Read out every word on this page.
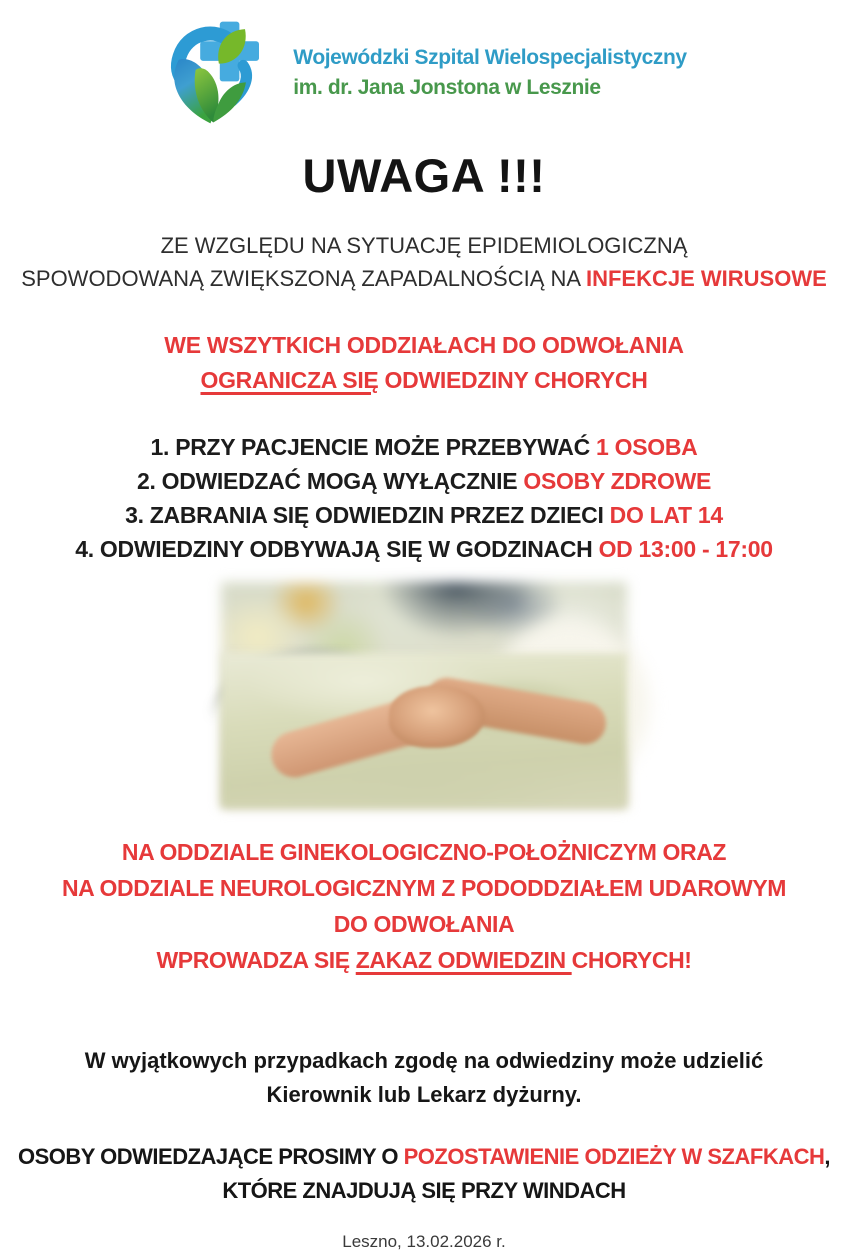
Wojewódzki Szpital Wielospecjalistyczny
im. dr. Jana Jonstona w Lesznie
UWAGA !!!
ZE WZGLĘDU NA SYTUACJĘ EPIDEMIOLOGICZNĄ
SPOWODOWANĄ ZWIĘKSZONĄ ZAPADALNOŚCIĄ NA INFEKCJE WIRUSOWE
WE WSZYTKICH ODDZIAŁACH DO ODWOŁANIA
OGRANICZA SIĘ ODWIEDZINY CHORYCH
1. PRZY PACJENCIE MOŻE PRZEBYWAĆ 1 OSOBA
2. ODWIEDZAĆ MOGĄ WYŁĄCZNIE OSOBY ZDROWE
3. ZABRANIA SIĘ ODWIEDZIN PRZEZ DZIECI DO LAT 14
4. ODWIEDZINY ODBYWAJĄ SIĘ W GODZINACH OD 13:00 - 17:00
NA ODDZIALE GINEKOLOGICZNO-POŁOŻNICZYM ORAZ
NA ODDZIALE NEUROLOGICZNYM Z PODODDZIAŁEM UDAROWYM
DO ODWOŁANIA
WPROWADZA SIĘ ZAKAZ ODWIEDZIN CHORYCH!
W wyjątkowych przypadkach zgodę na odwiedziny może udzielić
Kierownik lub Lekarz dyżurny.
OSOBY ODWIEDZAJĄCE PROSIMY O POZOSTAWIENIE ODZIEŻY W SZAFKACH,
KTÓRE ZNAJDUJĄ SIĘ PRZY WINDACH
Leszno, 13.02.2026 r.
